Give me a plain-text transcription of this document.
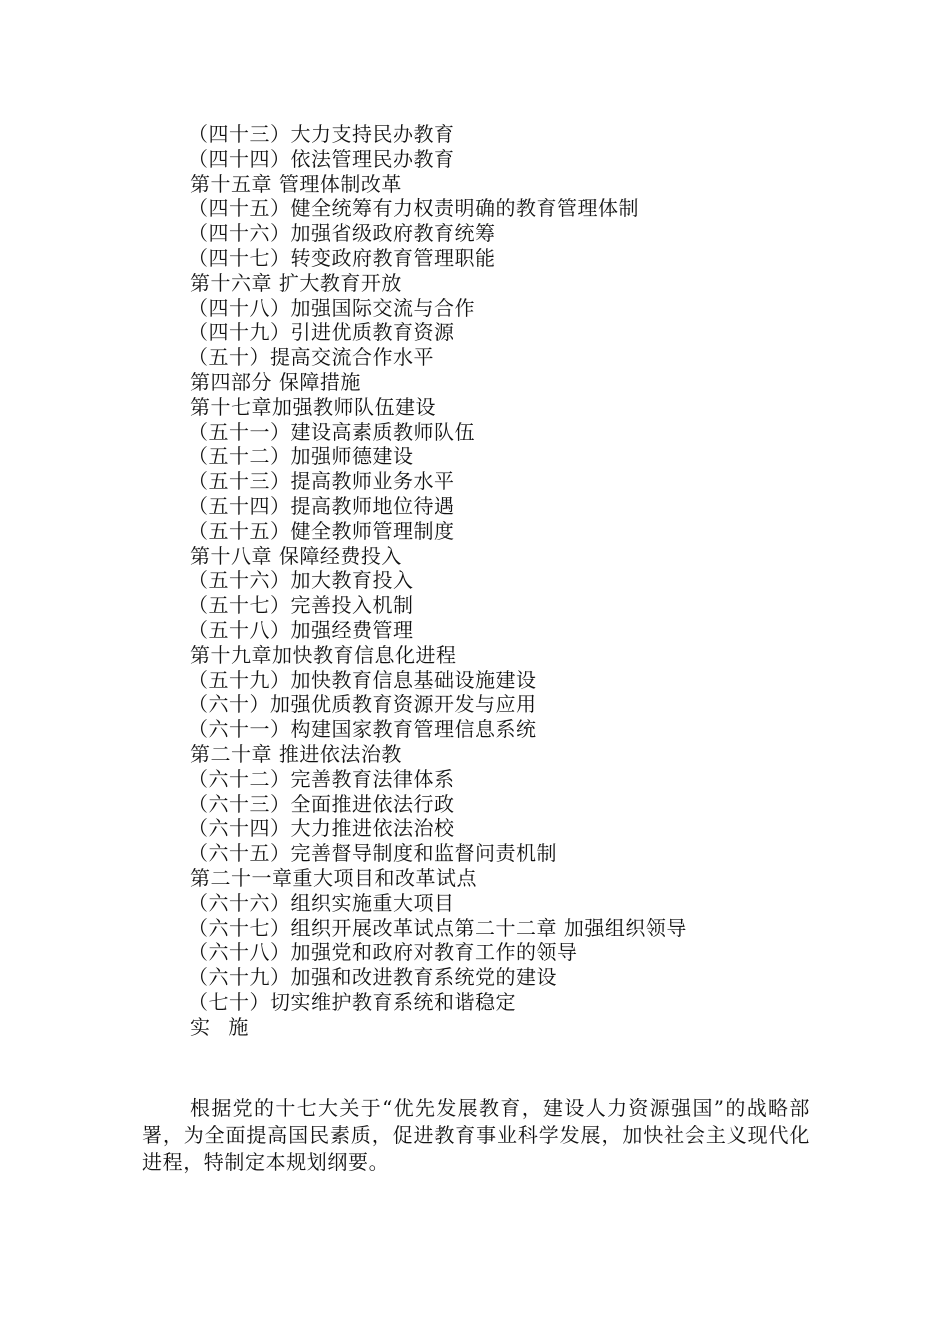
（四十三）大力支持民办教育
（四十四）依法管理民办教育
第十五章 管理体制改革
（四十五）健全统筹有力权责明确的教育管理体制
（四十六）加强省级政府教育统筹
（四十七）转变政府教育管理职能
第十六章 扩大教育开放
（四十八）加强国际交流与合作
（四十九）引进优质教育资源
（五十）提高交流合作水平
第四部分 保障措施
第十七章加强教师队伍建设
（五十一）建设高素质教师队伍
（五十二）加强师德建设
（五十三）提高教师业务水平
（五十四）提高教师地位待遇
（五十五）健全教师管理制度
第十八章 保障经费投入
（五十六）加大教育投入
（五十七）完善投入机制
（五十八）加强经费管理
第十九章加快教育信息化进程
（五十九）加快教育信息基础设施建设
（六十）加强优质教育资源开发与应用
（六十一）构建国家教育管理信息系统
第二十章 推进依法治教
（六十二）完善教育法律体系
（六十三）全面推进依法行政
（六十四）大力推进依法治校
（六十五）完善督导制度和监督问责机制
第二十一章重大项目和改革试点
（六十六）组织实施重大项目
（六十七）组织开展改革试点第二十二章 加强组织领导
（六十八）加强党和政府对教育工作的领导
（六十九）加强和改进教育系统党的建设
（七十）切实维护教育系统和谐稳定
实 施

根据党的十七大关于“优先发展教育，建设人力资源强国”的战略部署，为全面提高国民素质，促进教育事业科学发展，加快社会主义现代化进程，特制定本规划纲要。
